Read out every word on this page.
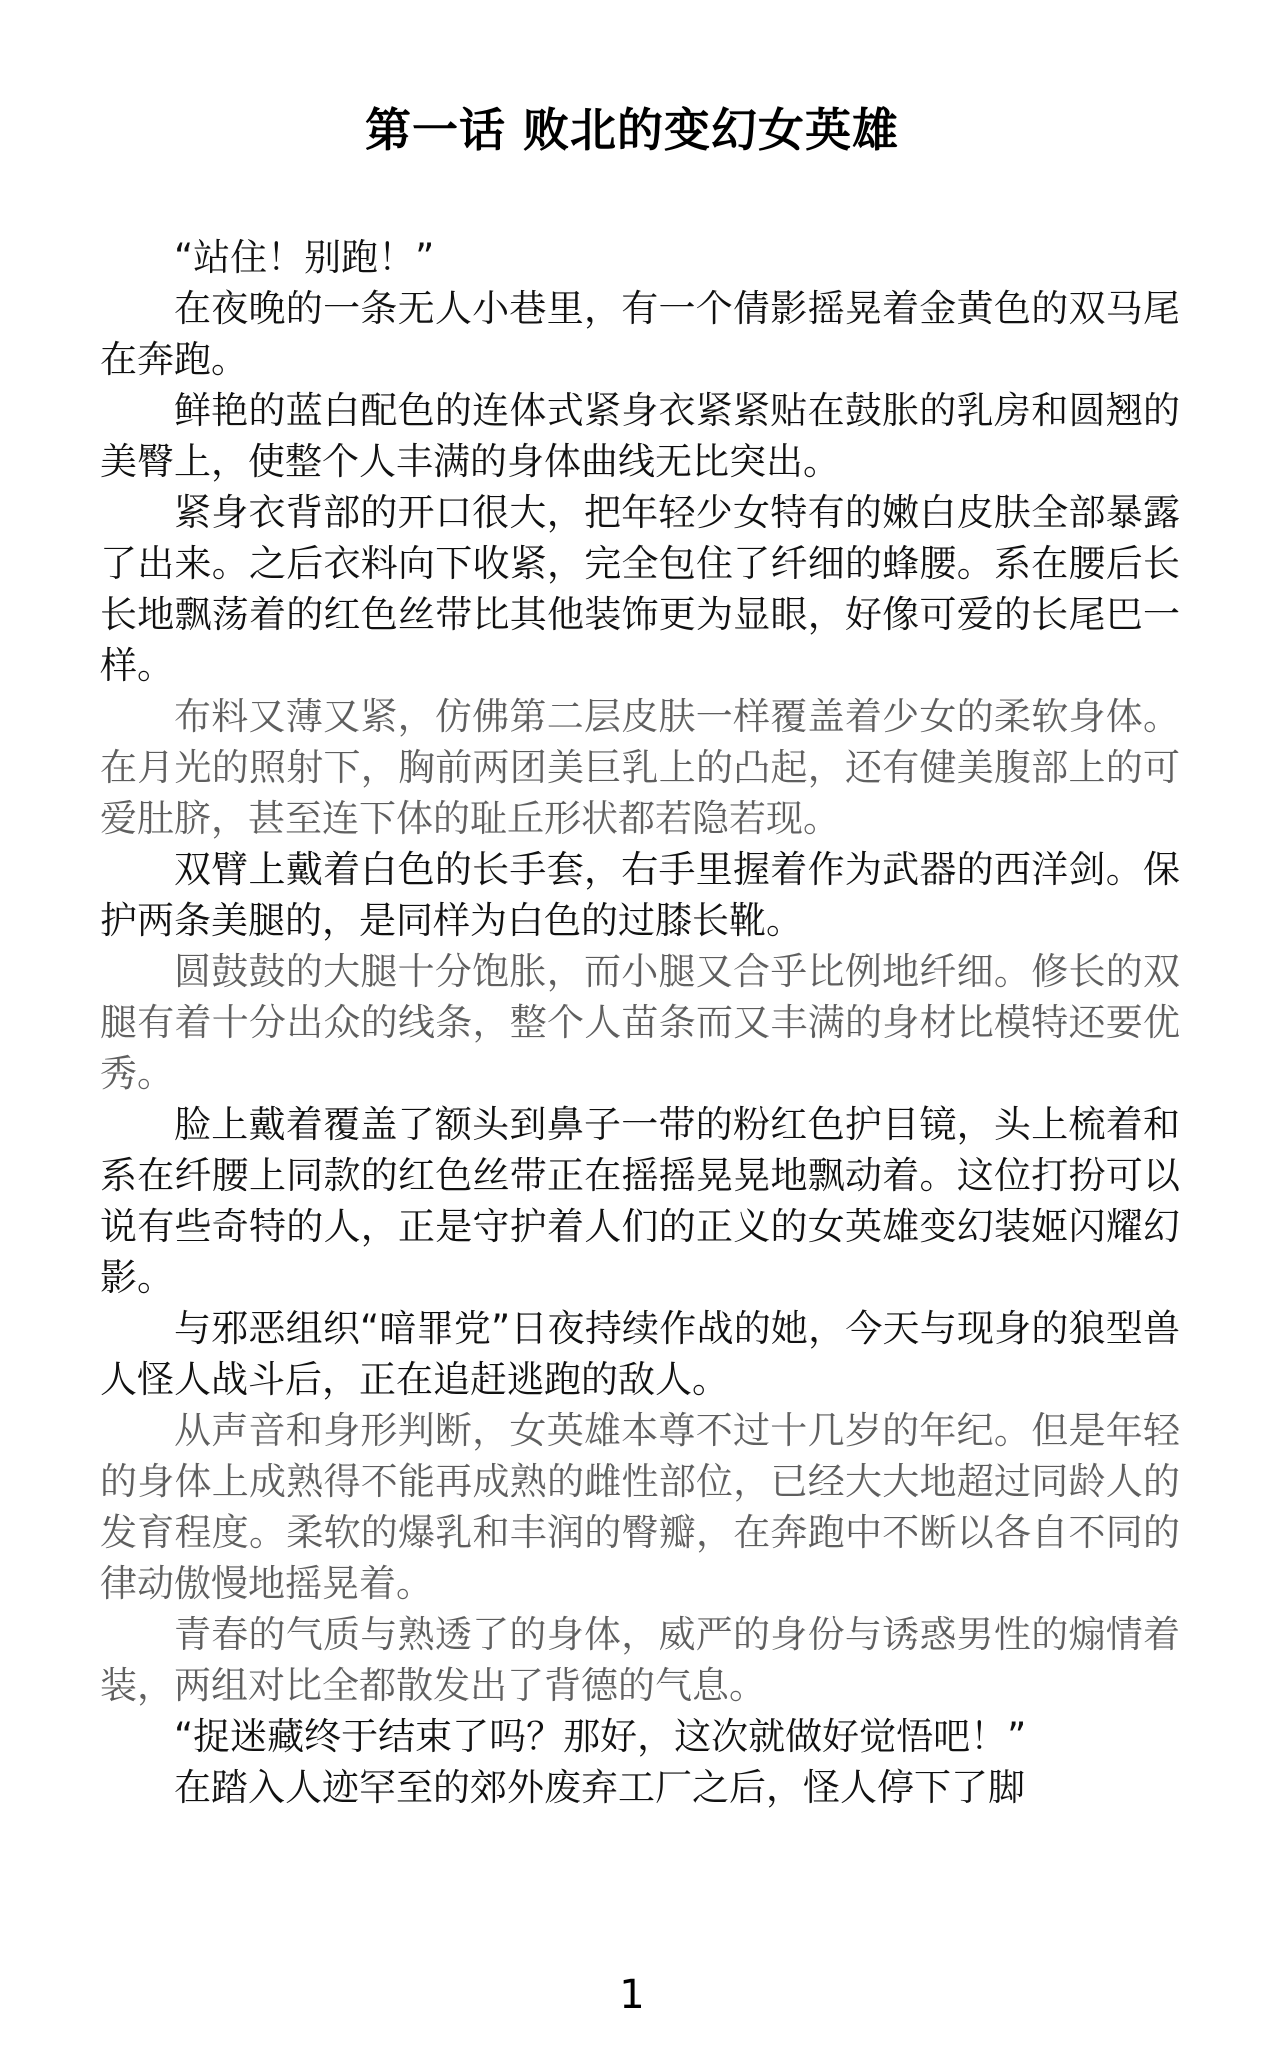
第一话 败北的变幻女英雄

“站住！别跑！”

在夜晚的一条无人小巷里，有一个倩影摇晃着金黄色的双马尾在奔跑。

鲜艳的蓝白配色的连体式紧身衣紧紧贴在鼓胀的乳房和圆翘的美臀上，使整个人丰满的身体曲线无比突出。

紧身衣背部的开口很大，把年轻少女特有的嫩白皮肤全部暴露了出来。之后衣料向下收紧，完全包住了纤细的蜂腰。系在腰后长长地飘荡着的红色丝带比其他装饰更为显眼，好像可爱的长尾巴一样。

布料又薄又紧，仿佛第二层皮肤一样覆盖着少女的柔软身体。在月光的照射下，胸前两团美巨乳上的凸起，还有健美腹部上的可爱肚脐，甚至连下体的耻丘形状都若隐若现。

双臂上戴着白色的长手套，右手里握着作为武器的西洋剑。保护两条美腿的，是同样为白色的过膝长靴。

圆鼓鼓的大腿十分饱胀，而小腿又合乎比例地纤细。修长的双腿有着十分出众的线条，整个人苗条而又丰满的身材比模特还要优秀。

脸上戴着覆盖了额头到鼻子一带的粉红色护目镜，头上梳着和系在纤腰上同款的红色丝带正在摇摇晃晃地飘动着。这位打扮可以说有些奇特的人，正是守护着人们的正义的女英雄变幻装姬闪耀幻影。

与邪恶组织“暗罪党”日夜持续作战的她，今天与现身的狼型兽人怪人战斗后，正在追赶逃跑的敌人。

从声音和身形判断，女英雄本尊不过十几岁的年纪。但是年轻的身体上成熟得不能再成熟的雌性部位，已经大大地超过同龄人的发育程度。柔软的爆乳和丰润的臀瓣，在奔跑中不断以各自不同的律动傲慢地摇晃着。

青春的气质与熟透了的身体，威严的身份与诱惑男性的煽情着装，两组对比全都散发出了背德的气息。

“捉迷藏终于结束了吗？那好，这次就做好觉悟吧！”

在踏入人迹罕至的郊外废弃工厂之后，怪人停下了脚

1
